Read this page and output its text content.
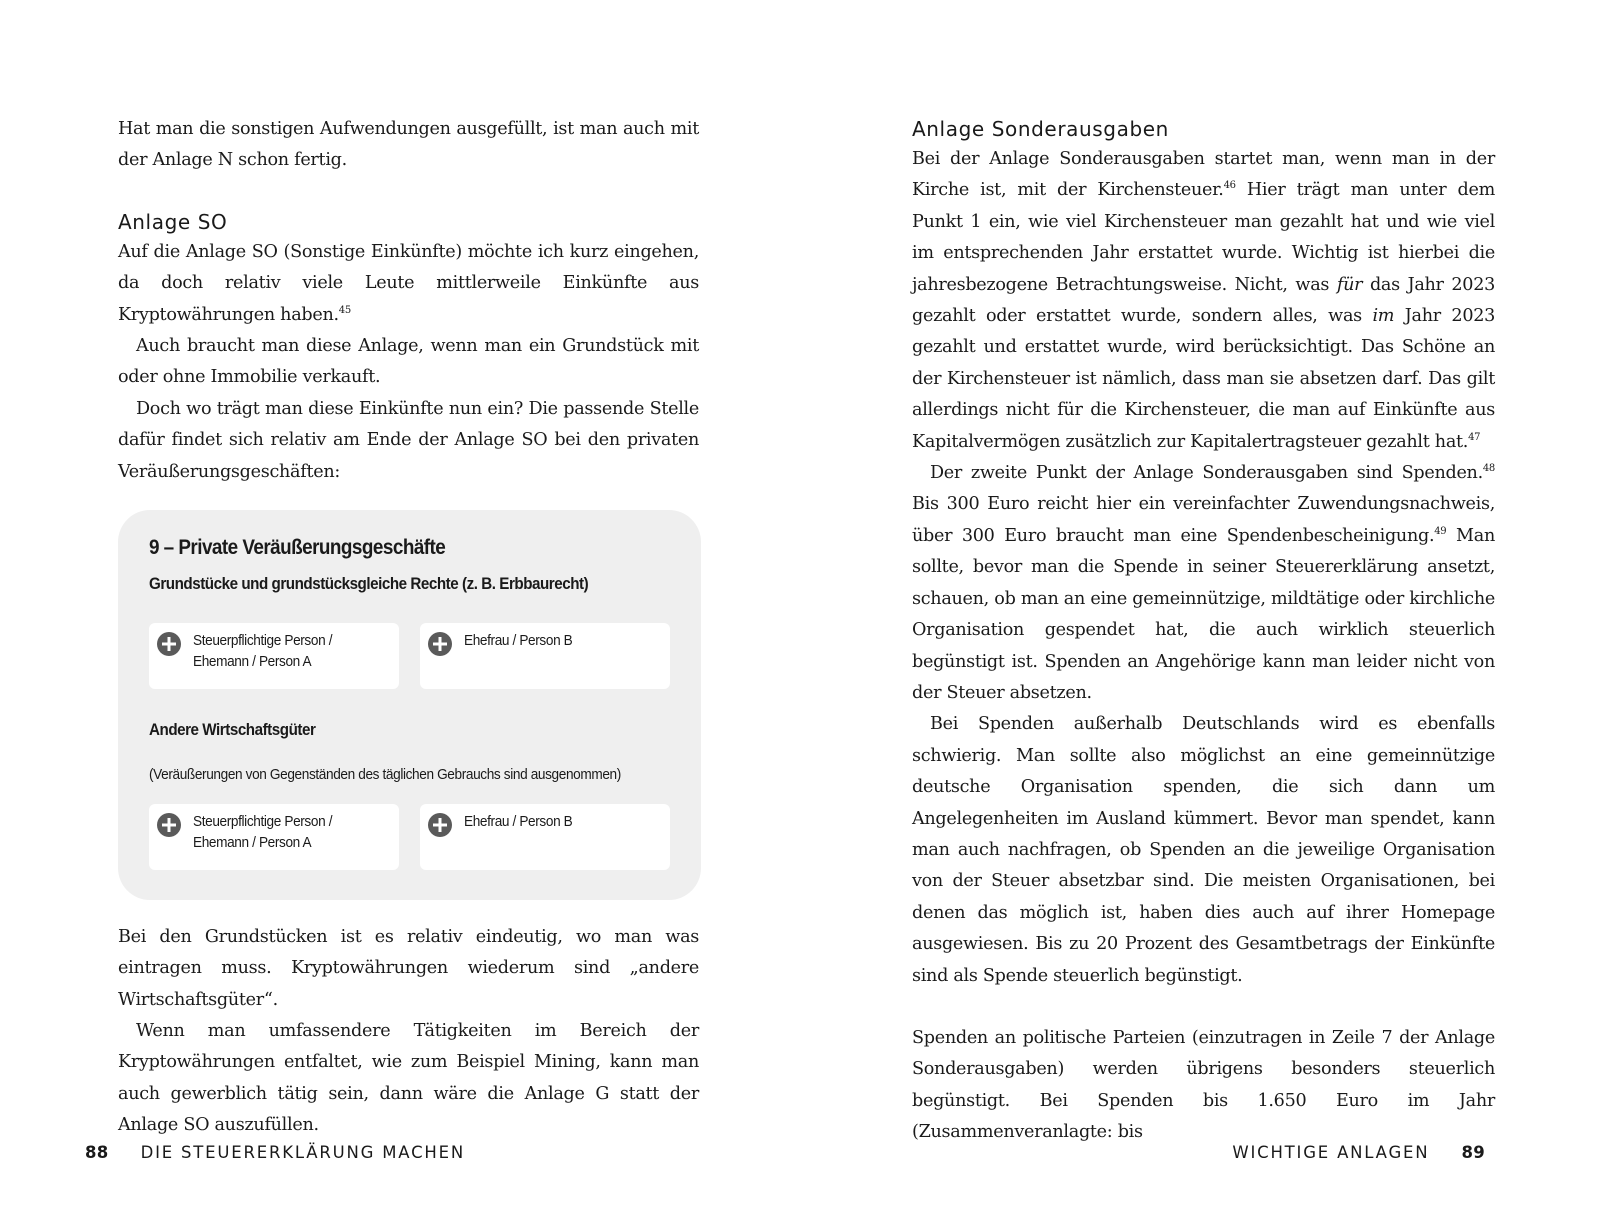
Hat man die sonstigen Aufwendungen ausgefüllt, ist man auch mit der Anlage N schon fertig.

Anlage SO

Auf die Anlage SO (Sonstige Einkünfte) möchte ich kurz eingehen, da doch relativ viele Leute mittlerweile Einkünfte aus Kryptowährungen haben.$^{45}$

Auch braucht man diese Anlage, wenn man ein Grundstück mit oder ohne Immobilie verkauft.

Doch wo trägt man diese Einkünfte nun ein? Die passende Stelle dafür findet sich relativ am Ende der Anlage SO bei den privaten Veräußerungsgeschäften:

9 – Private Veräußerungsgeschäfte
Grundstücke und grundstücksgleiche Rechte (z. B. Erbbaurecht)
Steuerpflichtige Person /
Ehemann / Person A
Ehefrau / Person B
Andere Wirtschaftsgüter
(Veräußerungen von Gegenständen des täglichen Gebrauchs sind ausgenommen)
Steuerpflichtige Person /
Ehemann / Person A
Ehefrau / Person B

Bei den Grundstücken ist es relativ eindeutig, wo man was eintragen muss. Kryptowährungen wiederum sind „andere Wirtschaftsgüter“.

Wenn man umfassendere Tätigkeiten im Bereich der Kryptowährungen entfaltet, wie zum Beispiel Mining, kann man auch gewerblich tätig sein, dann wäre die Anlage G statt der Anlage SO auszufüllen.

88 DIE STEUERERKLÄRUNG MACHEN
Anlage Sonderausgaben

Bei der Anlage Sonderausgaben startet man, wenn man in der Kirche ist, mit der Kirchensteuer.$^{46}$ Hier trägt man unter dem Punkt 1 ein, wie viel Kirchensteuer man gezahlt hat und wie viel im entsprechenden Jahr erstattet wurde. Wichtig ist hierbei die jahresbezogene Betrachtungsweise. Nicht, was für das Jahr 2023 gezahlt oder erstattet wurde, sondern alles, was im Jahr 2023 gezahlt und erstattet wurde, wird berücksichtigt. Das Schöne an der Kirchensteuer ist nämlich, dass man sie absetzen darf. Das gilt allerdings nicht für die Kirchensteuer, die man auf Einkünfte aus Kapitalvermögen zusätzlich zur Kapitalertragsteuer gezahlt hat.$^{47}$

Der zweite Punkt der Anlage Sonderausgaben sind Spenden.$^{48}$ Bis 300 Euro reicht hier ein vereinfachter Zuwendungsnachweis, über 300 Euro braucht man eine Spendenbescheinigung.$^{49}$ Man sollte, bevor man die Spende in seiner Steuererklärung ansetzt, schauen, ob man an eine gemeinnützige, mildtätige oder kirchliche Organisation gespendet hat, die auch wirklich steuerlich begünstigt ist. Spenden an Angehörige kann man leider nicht von der Steuer absetzen.

Bei Spenden außerhalb Deutschlands wird es ebenfalls schwierig. Man sollte also möglichst an eine gemeinnützige deutsche Organisation spenden, die sich dann um Angelegenheiten im Ausland kümmert. Bevor man spendet, kann man auch nachfragen, ob Spenden an die jeweilige Organisation von der Steuer absetzbar sind. Die meisten Organisationen, bei denen das möglich ist, haben dies auch auf ihrer Homepage ausgewiesen. Bis zu 20 Prozent des Gesamtbetrags der Einkünfte sind als Spende steuerlich begünstigt.

Spenden an politische Parteien (einzutragen in Zeile 7 der Anlage Sonderausgaben) werden übrigens besonders steuerlich begünstigt. Bei Spenden bis 1.650 Euro im Jahr (Zusammenveranlagte: bis

WICHTIGE ANLAGEN 89
